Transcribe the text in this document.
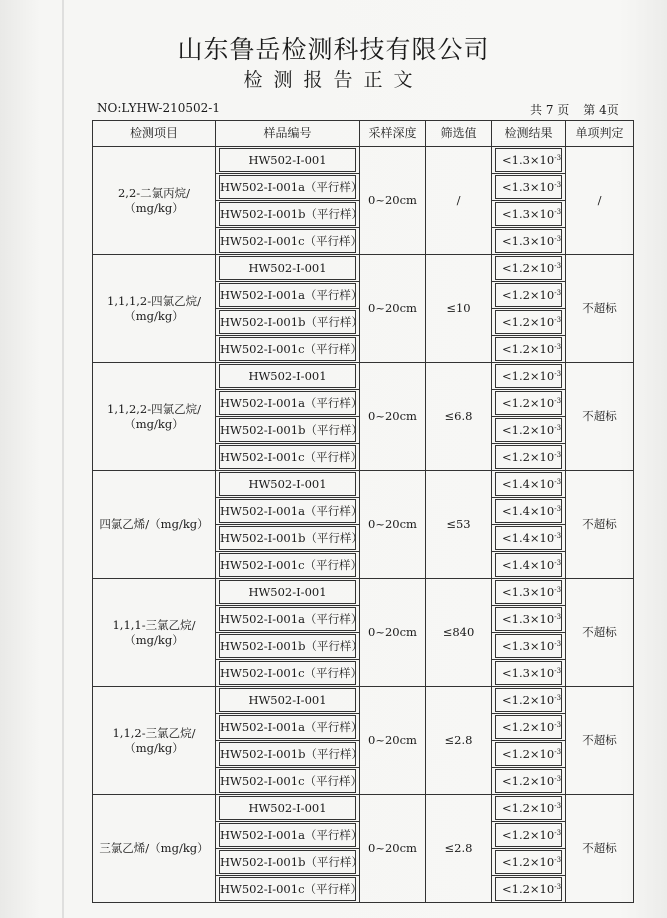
山东鲁岳检测科技有限公司
检测报告正文
NO:LYHW-210502-1	共 7 页 第 4页
检测项目	样品编号	采样深度	筛选值	检测结果	单项判定
2,2-二氯丙烷/（mg/kg）	HW502-I-001	0~20cm	/	$<1.3\times 10^{-3}$	/

	HW502-I-001a（平行样）			$<1.3\times 10^{-3}$

	HW502-I-001b（平行样）			$<1.3\times 10^{-3}$

	HW502-I-001c（平行样）			$<1.3\times 10^{-3}$

1,1,1,2-四氯乙烷/（mg/kg）	HW502-I-001	0~20cm	≤10	$<1.2\times 10^{-3}$	不超标

	HW502-I-001a（平行样）			$<1.2\times 10^{-3}$

	HW502-I-001b（平行样）			$<1.2\times 10^{-3}$

	HW502-I-001c（平行样）			$<1.2\times 10^{-3}$

1,1,2,2-四氯乙烷/（mg/kg）	HW502-I-001	0~20cm	≤6.8	$<1.2\times 10^{-3}$	不超标

	HW502-I-001a（平行样）			$<1.2\times 10^{-3}$

	HW502-I-001b（平行样）			$<1.2\times 10^{-3}$

	HW502-I-001c（平行样）			$<1.2\times 10^{-3}$

四氯乙烯/（mg/kg）	HW502-I-001	0~20cm	≤53	$<1.4\times 10^{-3}$	不超标

	HW502-I-001a（平行样）			$<1.4\times 10^{-3}$

	HW502-I-001b（平行样）			$<1.4\times 10^{-3}$

	HW502-I-001c（平行样）			$<1.4\times 10^{-3}$

1,1,1-三氯乙烷/（mg/kg）	HW502-I-001	0~20cm	≤840	$<1.3\times 10^{-3}$	不超标

	HW502-I-001a（平行样）			$<1.3\times 10^{-3}$

	HW502-I-001b（平行样）			$<1.3\times 10^{-3}$

	HW502-I-001c（平行样）			$<1.3\times 10^{-3}$

1,1,2-三氯乙烷/（mg/kg）	HW502-I-001	0~20cm	≤2.8	$<1.2\times 10^{-3}$	不超标

	HW502-I-001a（平行样）			$<1.2\times 10^{-3}$

	HW502-I-001b（平行样）			$<1.2\times 10^{-3}$

	HW502-I-001c（平行样）			$<1.2\times 10^{-3}$

三氯乙烯/（mg/kg）	HW502-I-001	0~20cm	≤2.8	$<1.2\times 10^{-3}$	不超标

	HW502-I-001a（平行样）			$<1.2\times 10^{-3}$

	HW502-I-001b（平行样）			$<1.2\times 10^{-3}$

	HW502-I-001c（平行样）			$<1.2\times 10^{-3}$
